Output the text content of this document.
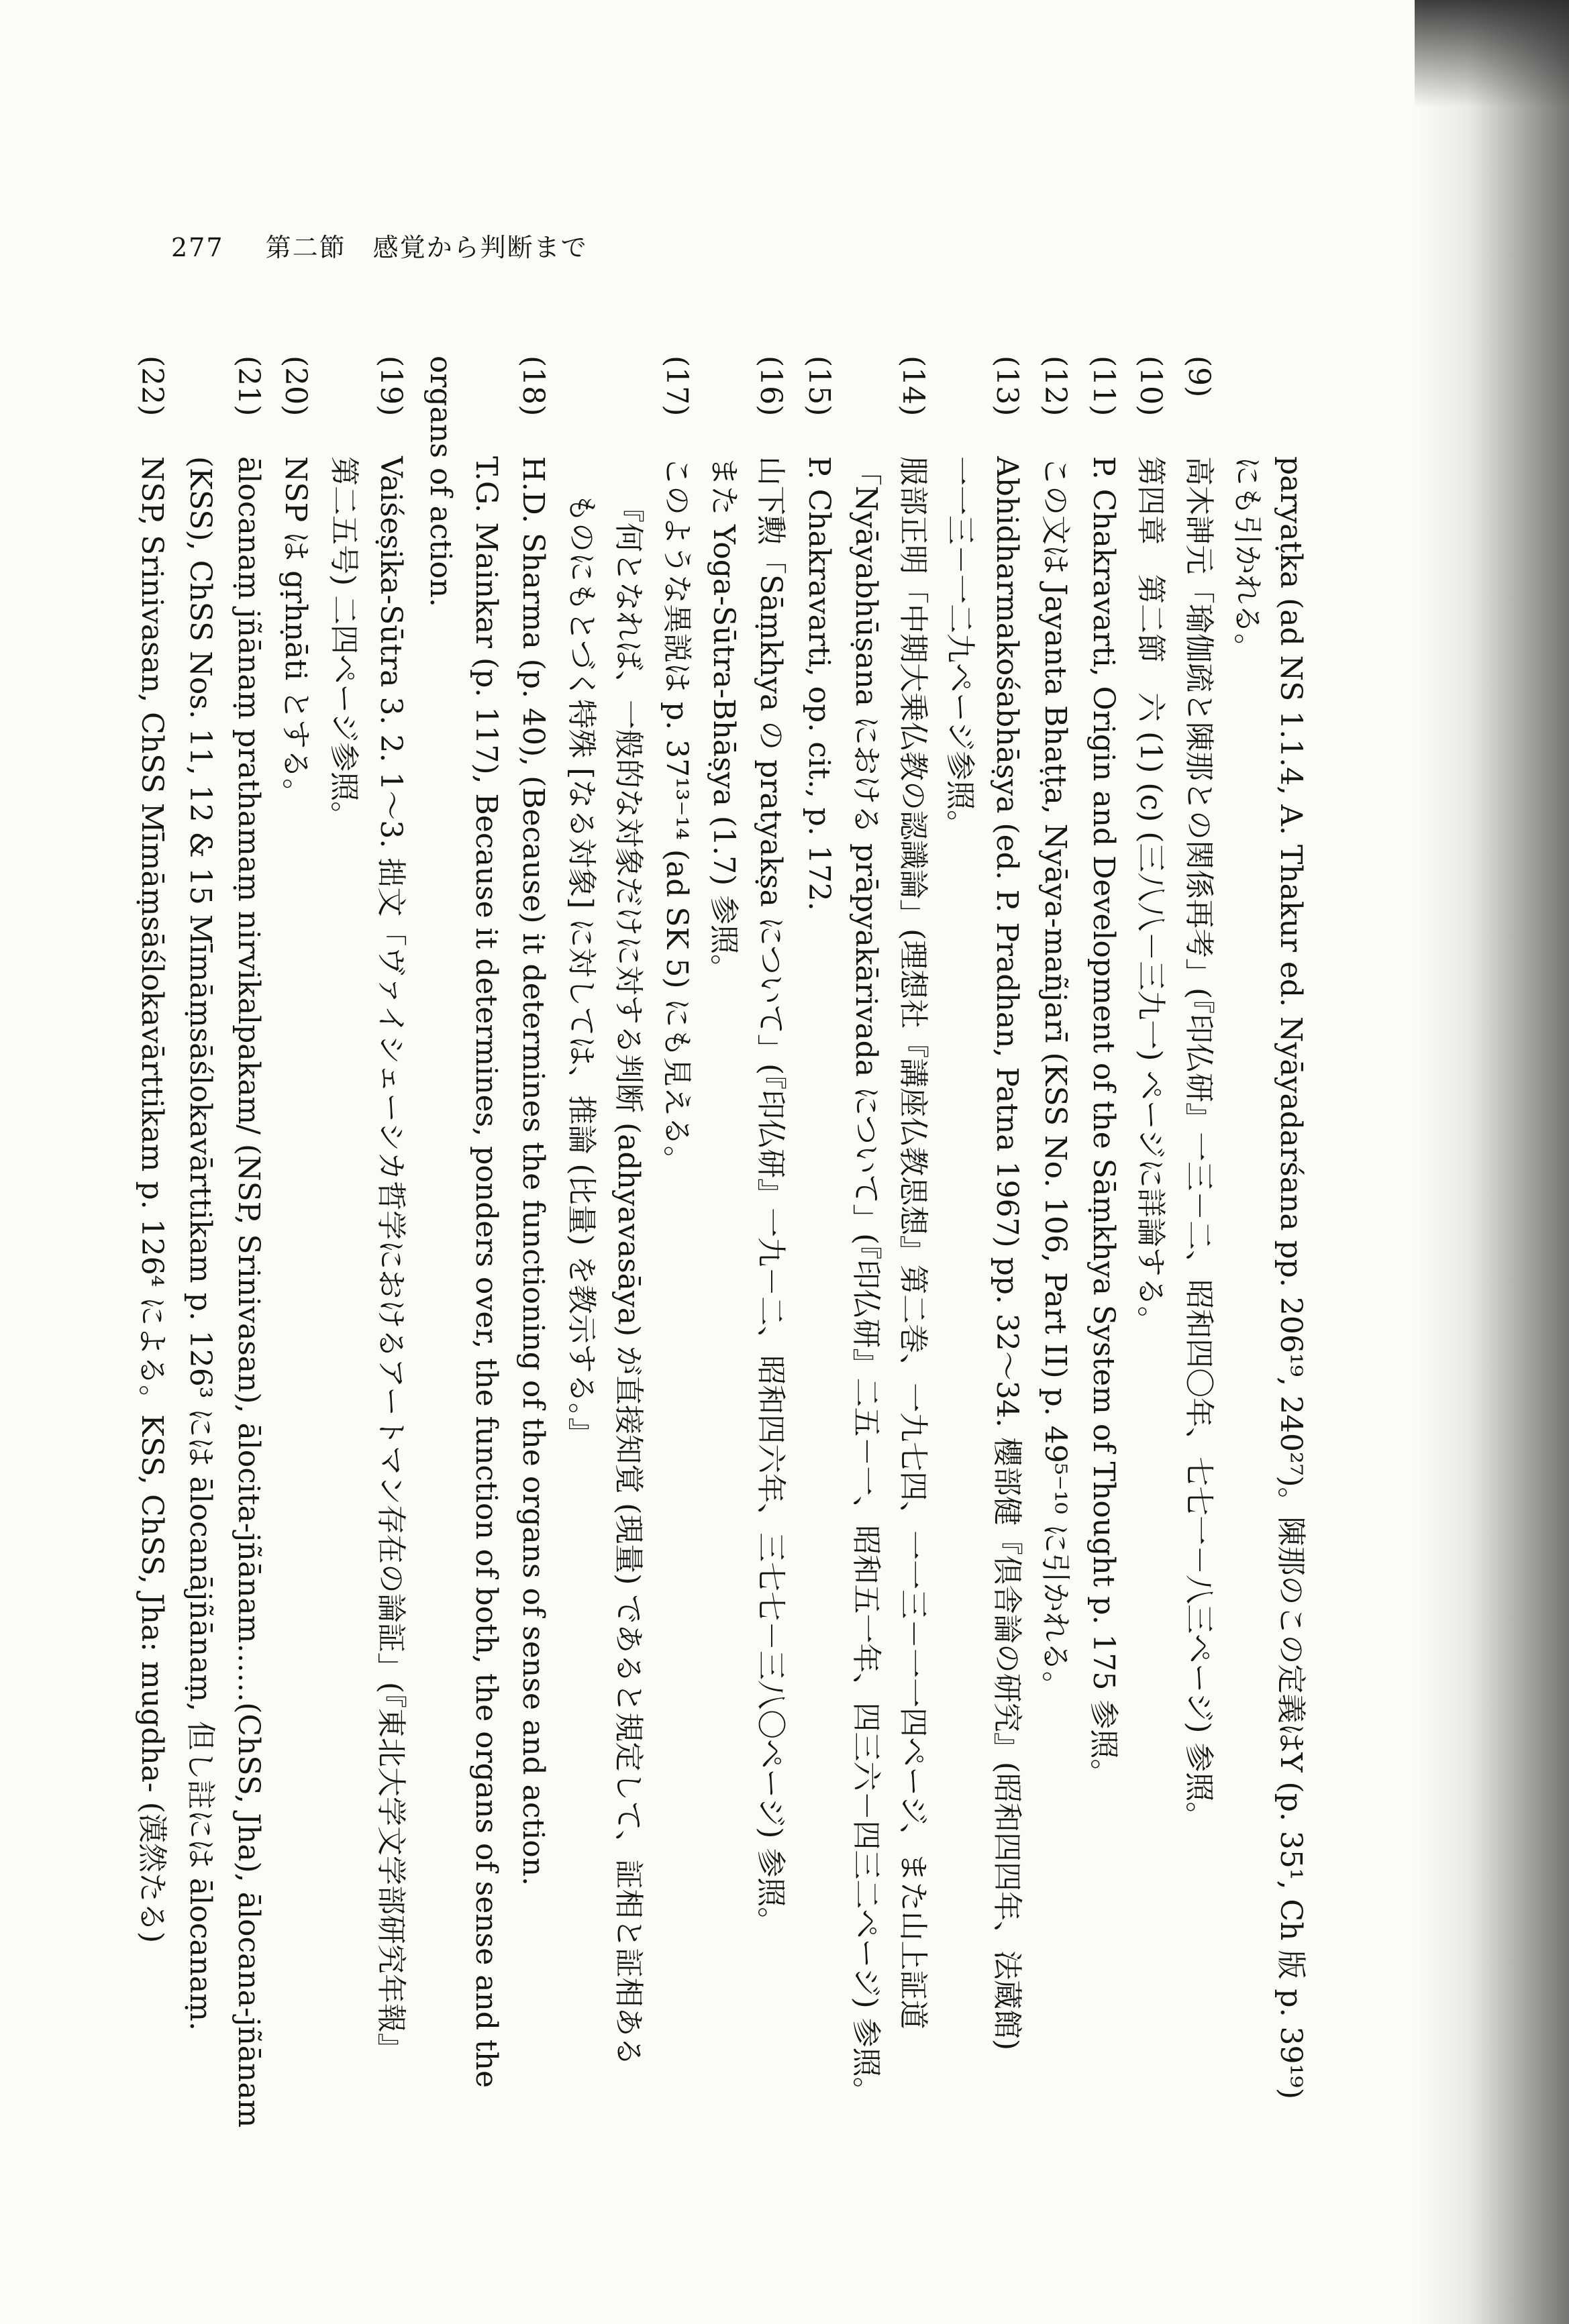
277 第二節　感覚から判断まで
paryaṭka (ad NS 1.1.4, A. Thakur ed. Nyāyadarśana pp. 206¹⁹, 240²⁷)。陳那のこの定義はY (p. 35¹, Ch 版 p. 39¹⁹)
にも引かれる。
(9)高木訷元「瑜伽疏と陳那との関係再考」(『印仏研』一三－二、昭和四〇年、七七一－八三ページ) 参照。
(10)第四章　第二節　六 (1) (c) (三八八－三九一) ページに詳論する。
(11)P. Chakravarti, Origin and Development of the Sāṃkhya System of Thought p. 175 参照。
(12)この文は Jayanta Bhaṭṭa, Nyāya-mañjarī (KSS No. 106, Part II) p. 49⁵⁻¹⁰ に引かれる。
(13)Abhidharmakośabhāṣya (ed. P. Pradhan, Patna 1967) pp. 32～34. 櫻部健『倶舎論の研究』(昭和四四年、法蔵館)
一一三－一二九ページ参照。
(14)服部正明「中期大乗仏教の認識論」(理想社『講座仏教思想』第二巻、一九七四、一一三－一一四ページ、また山上証道
「Nyāyabhūṣana における prāpyakārivada について」(『印仏研』二五－一、昭和五一年、四三六－四三二ページ) 参照。
(15)P. Chakravarti, op. cit., p. 172.
(16)山下勲「Sāṃkhya の pratyakṣa について」(『印仏研』一九－二、昭和四六年、三七七－三八〇ページ) 参照。
また Yoga-Sūtra-Bhāṣya (1.7) 参照。
(17)このような異説は p. 37¹³⁻¹⁴ (ad SK 5) にも見える。
『何となれば、一般的な対象だけに対する判断 (adhyavasāya) が直接知覚 (現量) であると規定して、証相と証相ある
ものにもとづく特殊 [なる対象] に対しては、推論 (比量) を教示する。』
(18)H.D. Sharma (p. 40), (Because) it determines the functioning of the organs of sense and action.
T.G. Mainkar (p. 117), Because it determines, ponders over, the function of both, the organs of sense and the
organs of action.
(19)Vaiśeṣika-Sūtra 3. 2. 1～3. 拙文「ヴァイシェーシカ哲学におけるアートマン存在の論証」(『東北大学文学部研究年報』
第二五号) 二四ページ参照。
(20)NSP は gṛhṇāti とする。
(21)ālocanaṃ jñānaṃ prathamaṃ nirvikalpakam/ (NSP, Srinivasan), ālocita-jñānam……(ChSS, Jha), ālocana-jñānam
(KSS), ChSS Nos. 11, 12 & 15 Mīmāṃsāślokavārttikam p. 126³ には ālocanājñānaṃ, 但し註には ālocanaṃ.
(22)NSP, Srinivasan, ChSS Mīmāṃsāślokavārttikam p. 126⁴ による。KSS, ChSS, Jha: mugdha- (漠然たる)
